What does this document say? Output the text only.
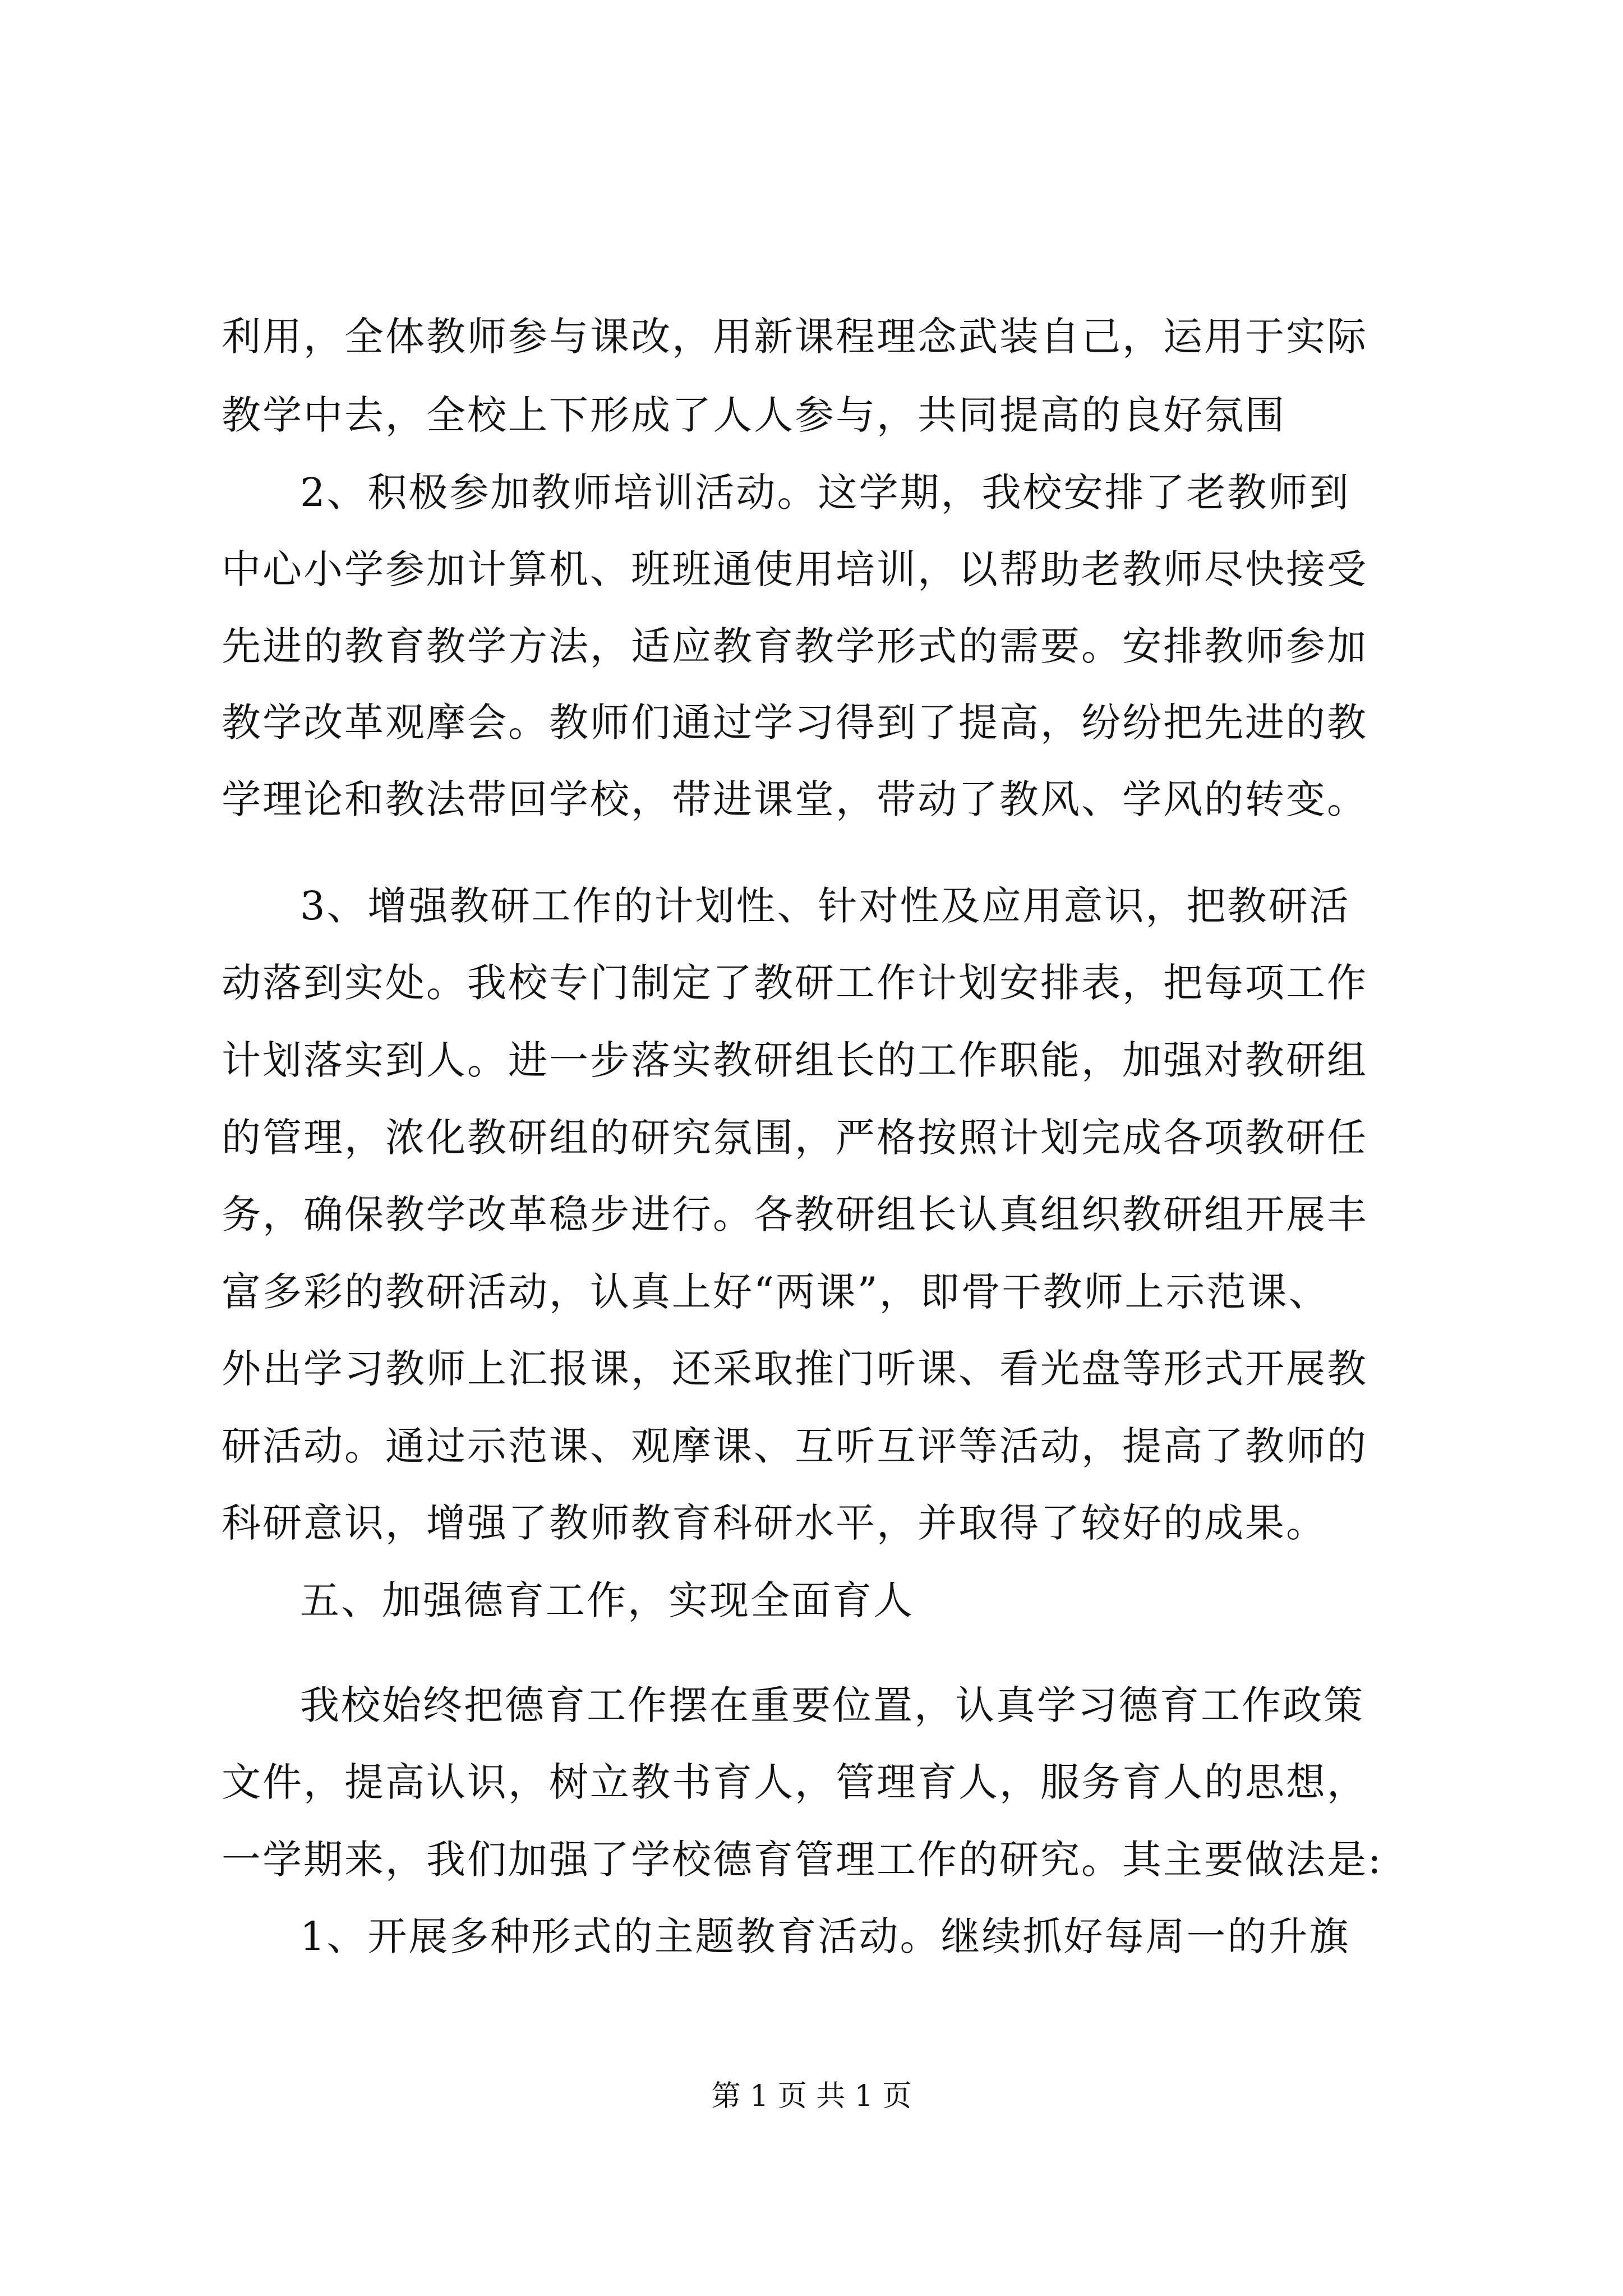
利用，全体教师参与课改，用新课程理念武装自己，运用于实际
教学中去，全校上下形成了人人参与，共同提高的良好氛围
2、积极参加教师培训活动。这学期，我校安排了老教师到
中心小学参加计算机、班班通使用培训，以帮助老教师尽快接受
先进的教育教学方法，适应教育教学形式的需要。安排教师参加
教学改革观摩会。教师们通过学习得到了提高，纷纷把先进的教
学理论和教法带回学校，带进课堂，带动了教风、学风的转变。
3、增强教研工作的计划性、针对性及应用意识，把教研活
动落到实处。我校专门制定了教研工作计划安排表，把每项工作
计划落实到人。进一步落实教研组长的工作职能，加强对教研组
的管理，浓化教研组的研究氛围，严格按照计划完成各项教研任
务，确保教学改革稳步进行。各教研组长认真组织教研组开展丰
富多彩的教研活动，认真上好“两课”，即骨干教师上示范课、
外出学习教师上汇报课，还采取推门听课、看光盘等形式开展教
研活动。通过示范课、观摩课、互听互评等活动，提高了教师的
科研意识，增强了教师教育科研水平，并取得了较好的成果。
五、加强德育工作，实现全面育人
我校始终把德育工作摆在重要位置，认真学习德育工作政策
文件，提高认识，树立教书育人，管理育人，服务育人的思想，
一学期来，我们加强了学校德育管理工作的研究。其主要做法是:
1、开展多种形式的主题教育活动。继续抓好每周一的升旗
第 1 页 共 1 页
